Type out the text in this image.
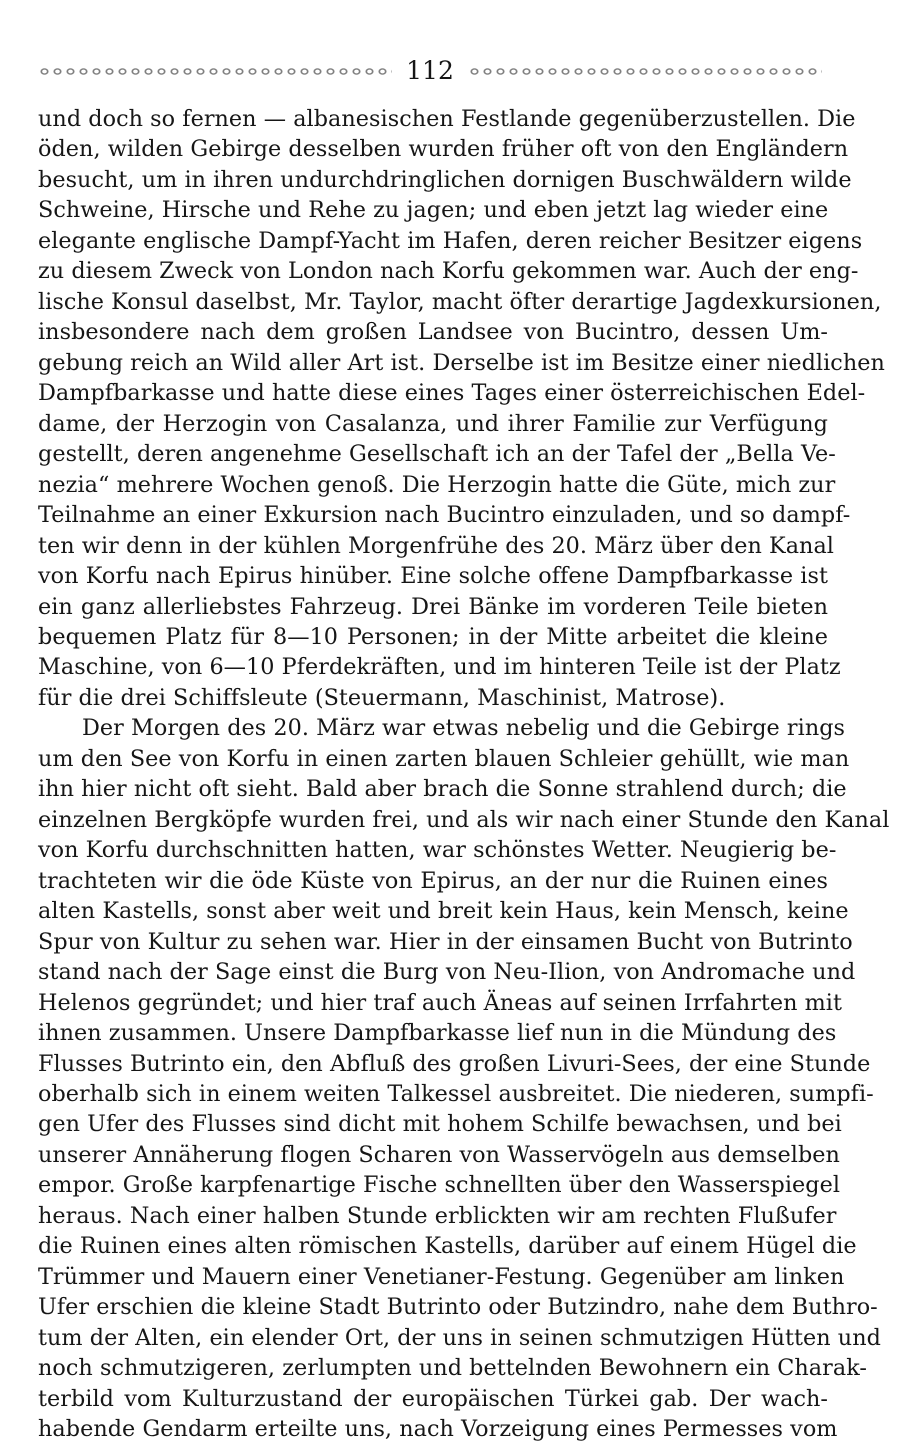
112
und doch so fernen — albanesischen Festlande gegenüberzustellen. Die
öden, wilden Gebirge desselben wurden früher oft von den Engländern
besucht, um in ihren undurchdringlichen dornigen Buschwäldern wilde
Schweine, Hirsche und Rehe zu jagen; und eben jetzt lag wieder eine
elegante englische Dampf-Yacht im Hafen, deren reicher Besitzer eigens
zu diesem Zweck von London nach Korfu gekommen war. Auch der eng-
lische Konsul daselbst, Mr. Taylor, macht öfter derartige Jagdexkursionen,
insbesondere nach dem großen Landsee von Bucintro, dessen Um-
gebung reich an Wild aller Art ist. Derselbe ist im Besitze einer niedlichen
Dampfbarkasse und hatte diese eines Tages einer österreichischen Edel-
dame, der Herzogin von Casalanza, und ihrer Familie zur Verfügung
gestellt, deren angenehme Gesellschaft ich an der Tafel der „Bella Ve-
nezia“ mehrere Wochen genoß. Die Herzogin hatte die Güte, mich zur
Teilnahme an einer Exkursion nach Bucintro einzuladen, und so dampf-
ten wir denn in der kühlen Morgenfrühe des 20. März über den Kanal
von Korfu nach Epirus hinüber. Eine solche offene Dampfbarkasse ist
ein ganz allerliebstes Fahrzeug. Drei Bänke im vorderen Teile bieten
bequemen Platz für 8—10 Personen; in der Mitte arbeitet die kleine
Maschine, von 6—10 Pferdekräften, und im hinteren Teile ist der Platz
für die drei Schiffsleute (Steuermann, Maschinist, Matrose).
Der Morgen des 20. März war etwas nebelig und die Gebirge rings
um den See von Korfu in einen zarten blauen Schleier gehüllt, wie man
ihn hier nicht oft sieht. Bald aber brach die Sonne strahlend durch; die
einzelnen Bergköpfe wurden frei, und als wir nach einer Stunde den Kanal
von Korfu durchschnitten hatten, war schönstes Wetter. Neugierig be-
trachteten wir die öde Küste von Epirus, an der nur die Ruinen eines
alten Kastells, sonst aber weit und breit kein Haus, kein Mensch, keine
Spur von Kultur zu sehen war. Hier in der einsamen Bucht von Butrinto
stand nach der Sage einst die Burg von Neu-Ilion, von Andromache und
Helenos gegründet; und hier traf auch Äneas auf seinen Irrfahrten mit
ihnen zusammen. Unsere Dampfbarkasse lief nun in die Mündung des
Flusses Butrinto ein, den Abfluß des großen Livuri-Sees, der eine Stunde
oberhalb sich in einem weiten Talkessel ausbreitet. Die niederen, sumpfi-
gen Ufer des Flusses sind dicht mit hohem Schilfe bewachsen, und bei
unserer Annäherung flogen Scharen von Wasservögeln aus demselben
empor. Große karpfenartige Fische schnellten über den Wasserspiegel
heraus. Nach einer halben Stunde erblickten wir am rechten Flußufer
die Ruinen eines alten römischen Kastells, darüber auf einem Hügel die
Trümmer und Mauern einer Venetianer-Festung. Gegenüber am linken
Ufer erschien die kleine Stadt Butrinto oder Butzindro, nahe dem Buthro-
tum der Alten, ein elender Ort, der uns in seinen schmutzigen Hütten und
noch schmutzigeren, zerlumpten und bettelnden Bewohnern ein Charak-
terbild vom Kulturzustand der europäischen Türkei gab. Der wach-
habende Gendarm erteilte uns, nach Vorzeigung eines Permesses vom
